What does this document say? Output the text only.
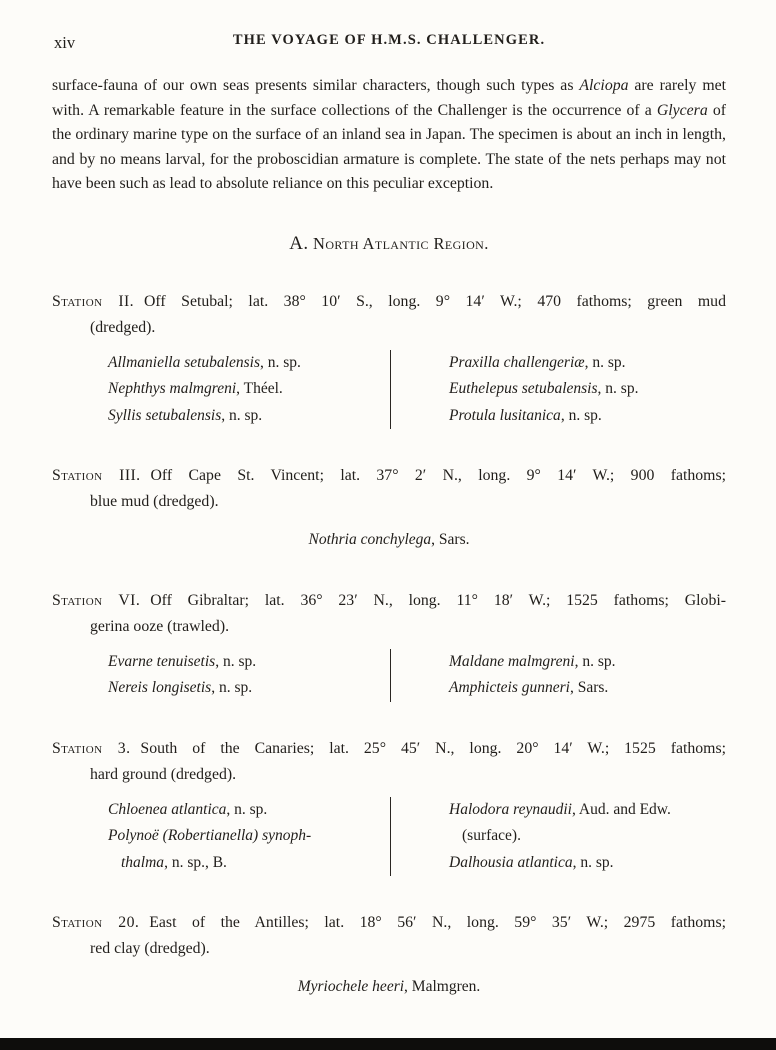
xiv	THE VOYAGE OF H.M.S. CHALLENGER.

surface-fauna of our own seas presents similar characters, though such types as Alciopa are rarely met with. A remarkable feature in the surface collections of the Challenger is the occurrence of a Glycera of the ordinary marine type on the surface of an inland sea in Japan. The specimen is about an inch in length, and by no means larval, for the proboscidian armature is complete. The state of the nets perhaps may not have been such as lead to absolute reliance on this peculiar exception.

A. North Atlantic Region.
Station II. Off Setubal; lat. 38° 10′ S., long. 9° 14′ W.; 470 fathoms; green mud
(dredged).
Allmaniella setubalensis, n. sp.
Nephthys malmgreni, Théel.
Syllis setubalensis, n. sp.
Praxilla challengeriæ, n. sp.
Euthelepus setubalensis, n. sp.
Protula lusitanica, n. sp.
Station III. Off Cape St. Vincent; lat. 37° 2′ N., long. 9° 14′ W.; 900 fathoms;
blue mud (dredged).
Nothria conchylega, Sars.
Station VI. Off Gibraltar; lat. 36° 23′ N., long. 11° 18′ W.; 1525 fathoms; Globi-
gerina ooze (trawled).
Evarne tenuisetis, n. sp.
Nereis longisetis, n. sp.
Maldane malmgreni, n. sp.
Amphicteis gunneri, Sars.
Station 3. South of the Canaries; lat. 25° 45′ N., long. 20° 14′ W.; 1525 fathoms;
hard ground (dredged).
Chloenea atlantica, n. sp.
Polynoë (Robertianella) synoph-
thalma, n. sp., B.
Halodora reynaudii, Aud. and Edw.
(surface).
Dalhousia atlantica, n. sp.
Station 20. East of the Antilles; lat. 18° 56′ N., long. 59° 35′ W.; 2975 fathoms;
red clay (dredged).
Myriochele heeri, Malmgren.
